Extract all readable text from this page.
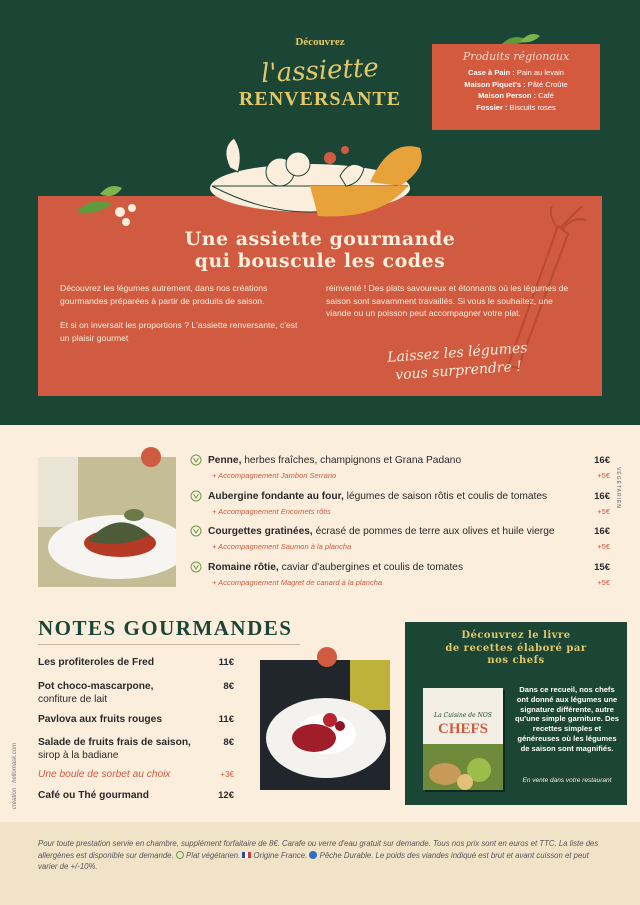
Découvrez
l'assiette
RENVERSANTE
Produits régionaux
Case à Pain : Pain au levain
Maison Piquet's : Pâté Croûte
Maison Person : Café
Fossier : Biscuits roses
Une assiette gourmande
qui bouscule les codes

Découvrez les légumes autrement, dans nos créations gourmandes préparées à partir de produits de saison.

Et si on inversait les proportions ? L'assiette renversante, c'est un plaisir gourmet

réinventé ! Des plats savoureux et étonnants où les légumes de saison sont savamment travaillés. Si vous le souhaitez, une viande ou un poisson peut accompagner votre plat.

Laissez les légumes
vous surprendre !
Penne, herbes fraîches, champignons et Grana Padano	16€
+ Accompagnement Jambon Serrano	+5€
Aubergine fondante au four, légumes de saison rôtis et coulis de tomates	16€
+ Accompagnement Encornets rôtis	+5€
Courgettes gratinées, écrasé de pommes de terre aux olives et huile vierge	16€
+ Accompagnement Saumon à la plancha	+5€
Romaine rôtie, caviar d'aubergines et coulis de tomates	15€
+ Accompagnement Magret de canard à la plancha	+5€
VÉGÉTARIEN
NOTES GOURMANDES
Les profiteroles de Fred	11€
Pot choco-mascarpone,
confiture de lait
8€
Pavlova aux fruits rouges	11€
Salade de fruits frais de saison,
sirop à la badiane
8€
Une boule de sorbet au choix	+3€
Café ou Thé gourmand	12€
Découvrez le livre
de recettes élaboré par
nos chefs
La Cuisine de NOS
CHEFS
Dans ce recueil, nos chefs ont donné aux légumes une signature différente, autre qu'une simple garniture. Des recettes simples et généreuses où les légumes de saison sont magnifiés.
En vente dans votre restaurant
création : hellomask.com

Pour toute prestation servie en chambre, supplément forfaitaire de 8€. Carafe ou verre d'eau gratuit sur demande. Tous nos prix sont en euros et TTC. La liste des allergènes est disponible sur demande.  Plat végétarien.  Origine France.  Pêche Durable. Le poids des viandes indiqué est brut et avant cuisson et peut varier de +/-10%.
